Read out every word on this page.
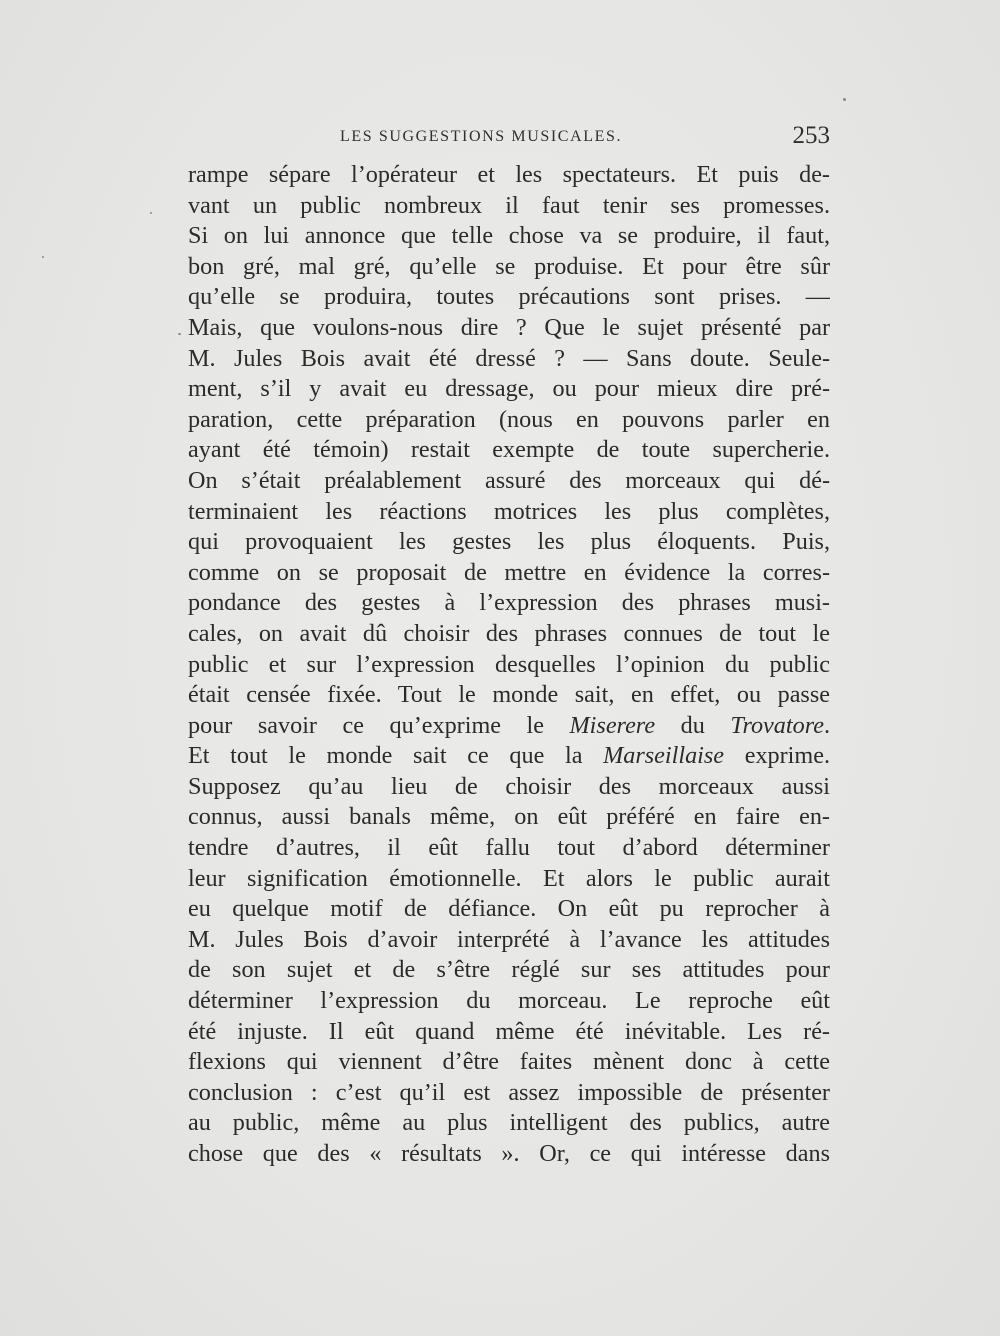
LES SUGGESTIONS MUSICALES.	253
rampe sépare l’opérateur et les spectateurs. Et puis de-
vant un public nombreux il faut tenir ses promesses.
Si on lui annonce que telle chose va se produire, il faut,
bon gré, mal gré, qu’elle se produise. Et pour être sûr
qu’elle se produira, toutes précautions sont prises. —
Mais, que voulons-nous dire ? Que le sujet présenté par
M. Jules Bois avait été dressé ? — Sans doute. Seule-
ment, s’il y avait eu dressage, ou pour mieux dire pré-
paration, cette préparation (nous en pouvons parler en
ayant été témoin) restait exempte de toute supercherie.
On s’était préalablement assuré des morceaux qui dé-
terminaient les réactions motrices les plus complètes,
qui provoquaient les gestes les plus éloquents. Puis,
comme on se proposait de mettre en évidence la corres-
pondance des gestes à l’expression des phrases musi-
cales, on avait dû choisir des phrases connues de tout le
public et sur l’expression desquelles l’opinion du public
était censée fixée. Tout le monde sait, en effet, ou passe
pour savoir ce qu’exprime le Miserere du Trovatore.
Et tout le monde sait ce que la Marseillaise exprime.
Supposez qu’au lieu de choisir des morceaux aussi
connus, aussi banals même, on eût préféré en faire en-
tendre d’autres, il eût fallu tout d’abord déterminer
leur signification émotionnelle. Et alors le public aurait
eu quelque motif de défiance. On eût pu reprocher à
M. Jules Bois d’avoir interprété à l’avance les attitudes
de son sujet et de s’être réglé sur ses attitudes pour
déterminer l’expression du morceau. Le reproche eût
été injuste. Il eût quand même été inévitable. Les ré-
flexions qui viennent d’être faites mènent donc à cette
conclusion : c’est qu’il est assez impossible de présenter
au public, même au plus intelligent des publics, autre
chose que des « résultats ». Or, ce qui intéresse dans
